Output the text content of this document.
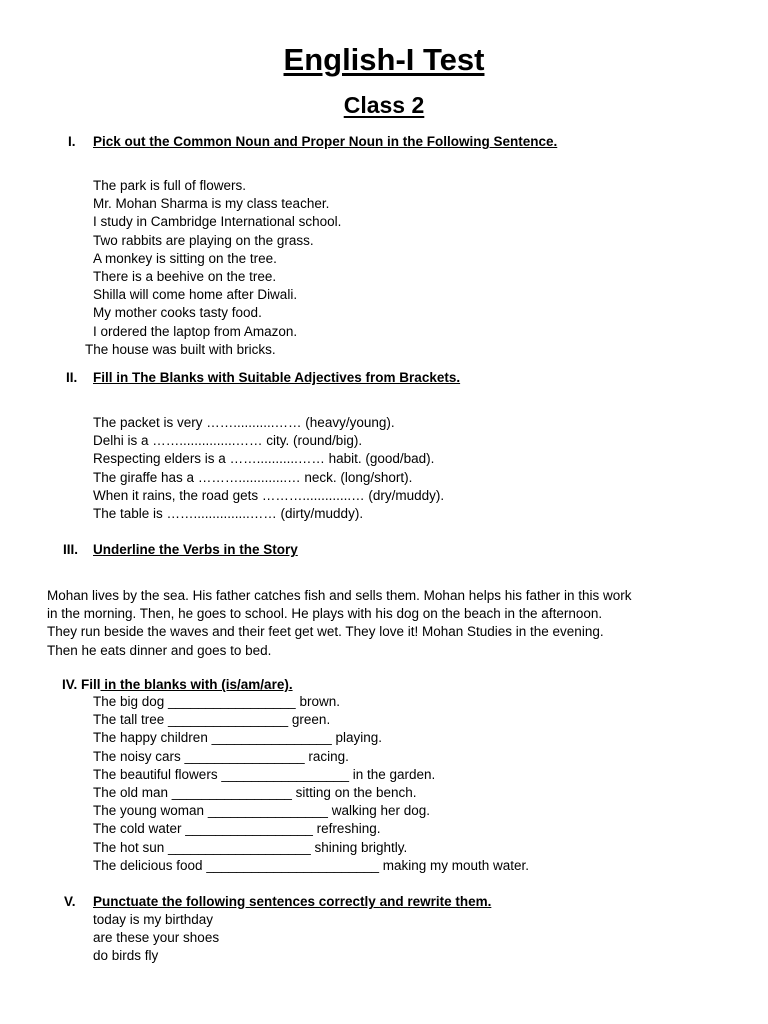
English-I Test
Class 2
I. Pick out the Common Noun and Proper Noun in the Following Sentence.
The park is full of flowers.
Mr. Mohan Sharma is my class teacher.
I study in Cambridge International school.
Two rabbits are playing on the grass.
A monkey is sitting on the tree.
There is a beehive on the tree.
Shilla will come home after Diwali.
My mother cooks tasty food.
I ordered the laptop from Amazon.
The house was built with bricks.
II. Fill in The Blanks with Suitable Adjectives from Brackets.
The packet is very ……...........…… (heavy/young).
Delhi is a ……...............…… city. (round/big).
Respecting elders is a ……...........…… habit. (good/bad).
The giraffe has a ……….............… neck. (long/short).
When it rains, the road gets ……….............… (dry/muddy).
The table is ……...............…… (dirty/muddy).
III. Underline the Verbs in the Story
Mohan lives by the sea. His father catches fish and sells them. Mohan helps his father in this work
in the morning. Then, he goes to school. He plays with his dog on the beach in the afternoon.
They run beside the waves and their feet get wet. They love it! Mohan Studies in the evening.
Then he eats dinner and goes to bed.
IV. Fill in the blanks with (is/am/are).
The big dog _________________ brown.
The tall tree ________________ green.
The happy children ________________ playing.
The noisy cars ________________ racing.
The beautiful flowers _________________ in the garden.
The old man ________________ sitting on the bench.
The young woman ________________ walking her dog.
The cold water _________________ refreshing.
The hot sun ___________________ shining brightly.
The delicious food _______________________ making my mouth water.
V. Punctuate the following sentences correctly and rewrite them.
today is my birthday
are these your shoes
do birds fly
